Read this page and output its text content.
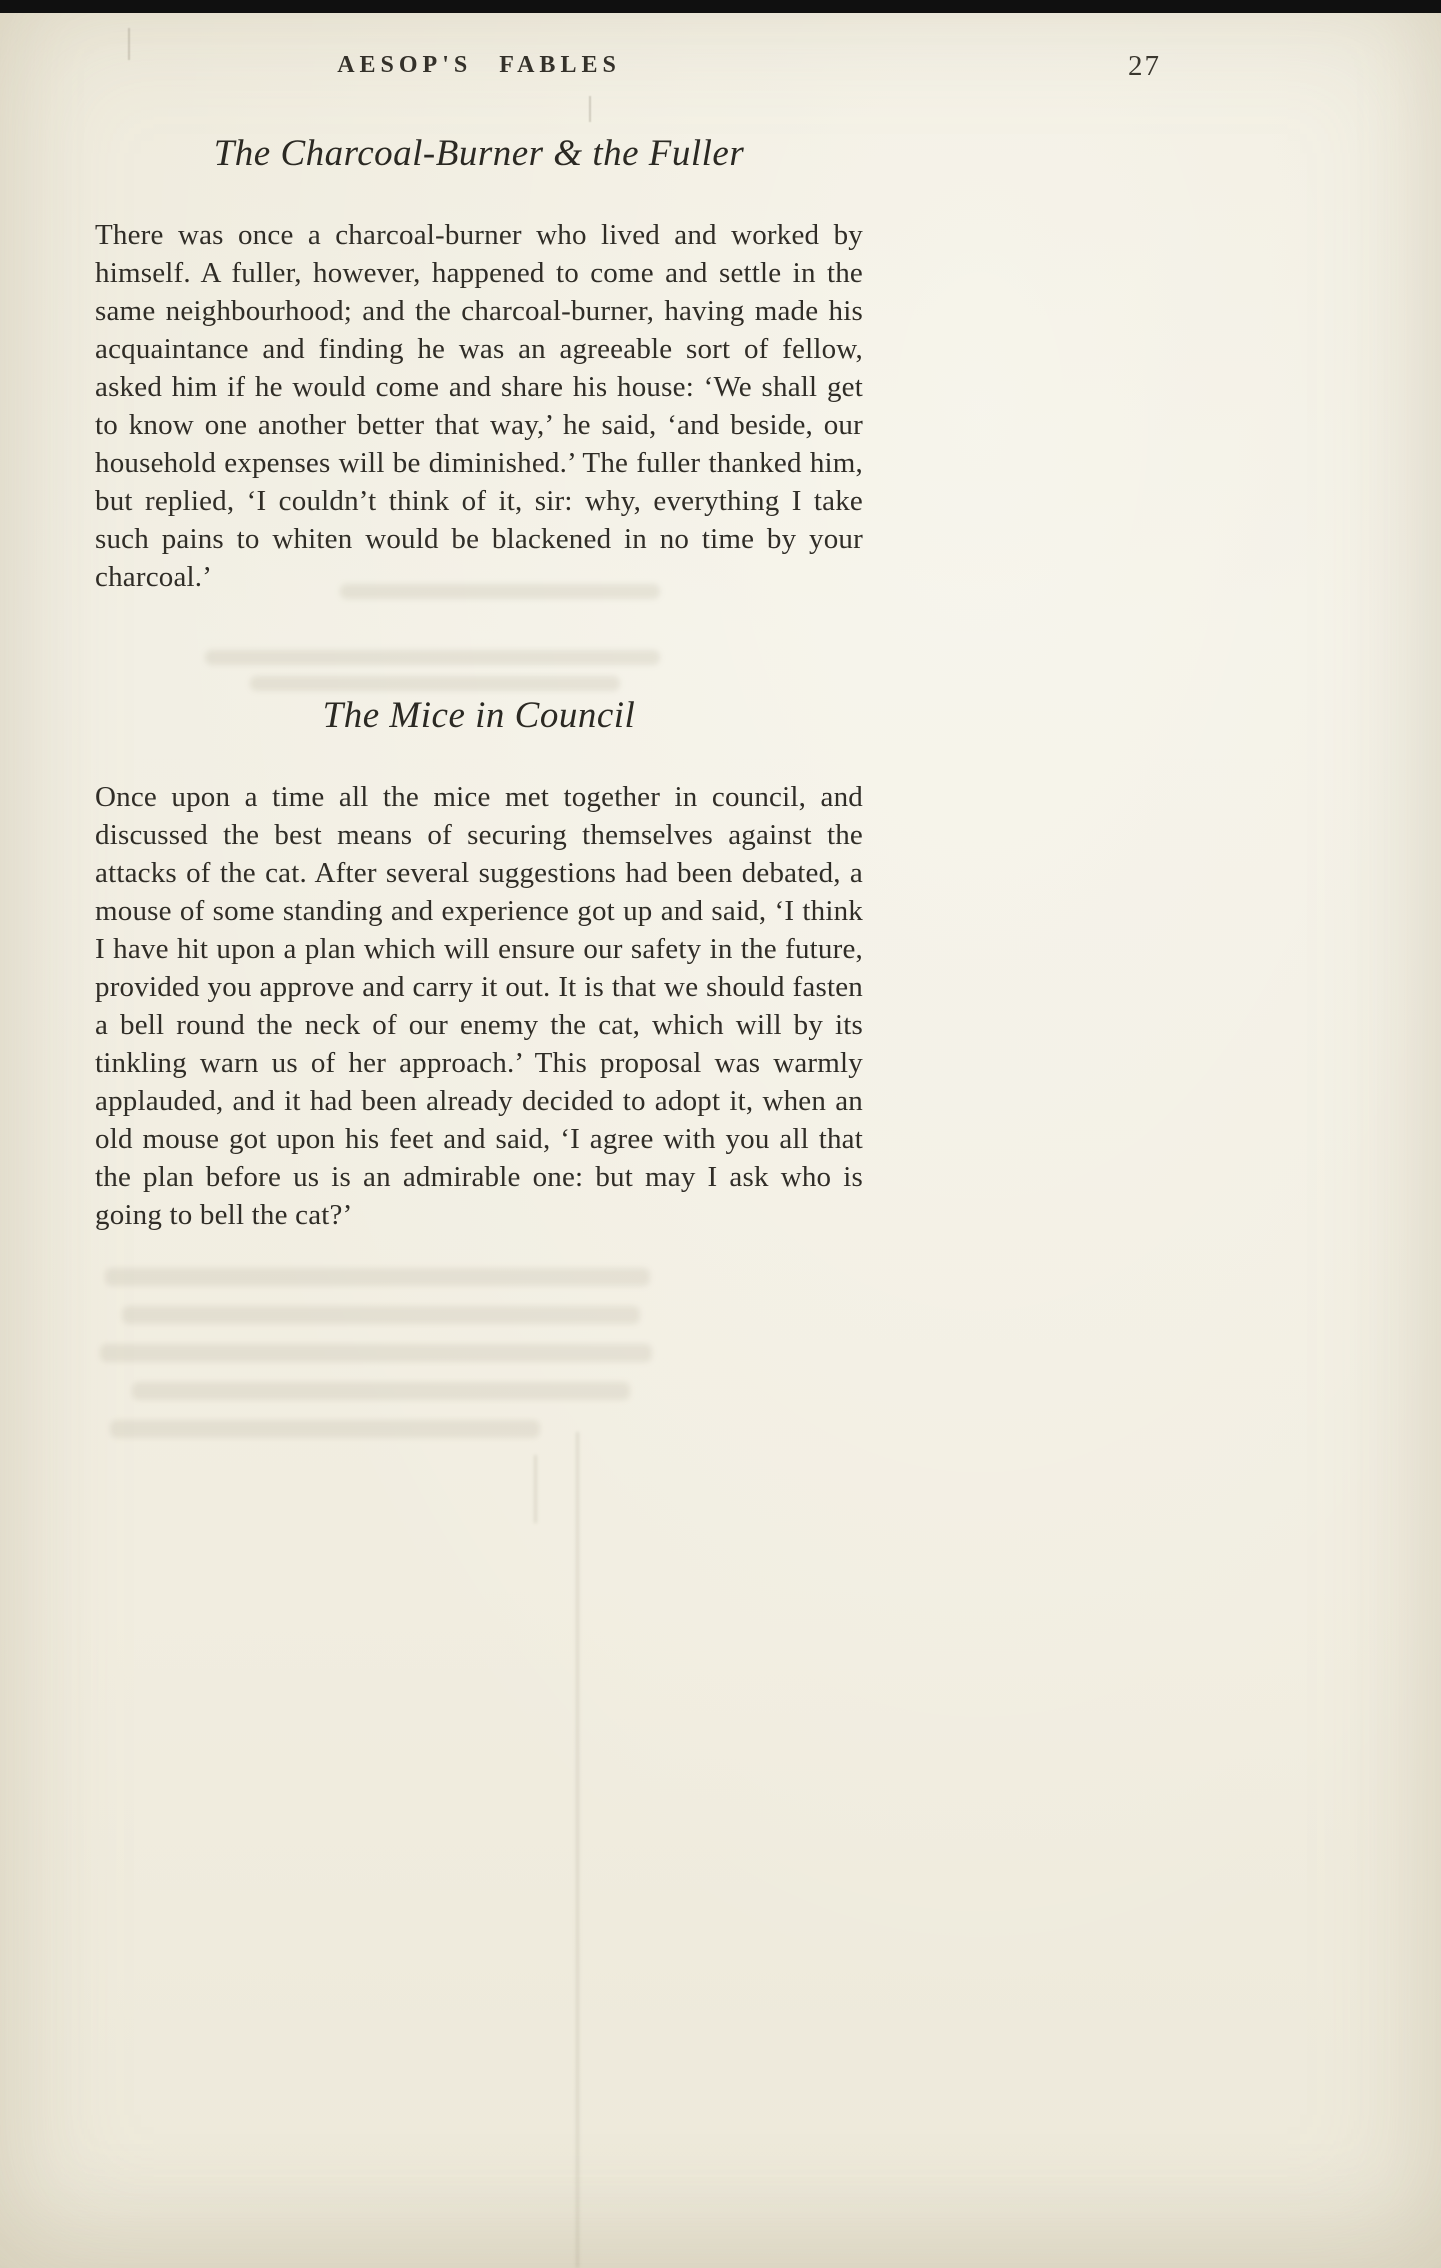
AESOP'S FABLES	27
The Charcoal-Burner & the Fuller

There was once a charcoal-burner who lived and worked by himself. A fuller, however, happened to come and settle in the same neighbourhood; and the charcoal-burner, having made his acquaintance and finding he was an agreeable sort of fellow, asked him if he would come and share his house: ‘We shall get to know one another better that way,’ he said, ‘and beside, our household expenses will be diminished.’ The fuller thanked him, but replied, ‘I couldn’t think of it, sir: why, everything I take such pains to whiten would be blackened in no time by your charcoal.’

The Mice in Council

Once upon a time all the mice met together in council, and discussed the best means of securing themselves against the attacks of the cat. After several suggestions had been debated, a mouse of some standing and experience got up and said, ‘I think I have hit upon a plan which will ensure our safety in the future, provided you approve and carry it out. It is that we should fasten a bell round the neck of our enemy the cat, which will by its tinkling warn us of her approach.’ This proposal was warmly applauded, and it had been already decided to adopt it, when an old mouse got upon his feet and said, ‘I agree with you all that the plan before us is an admirable one: but may I ask who is going to bell the cat?’
